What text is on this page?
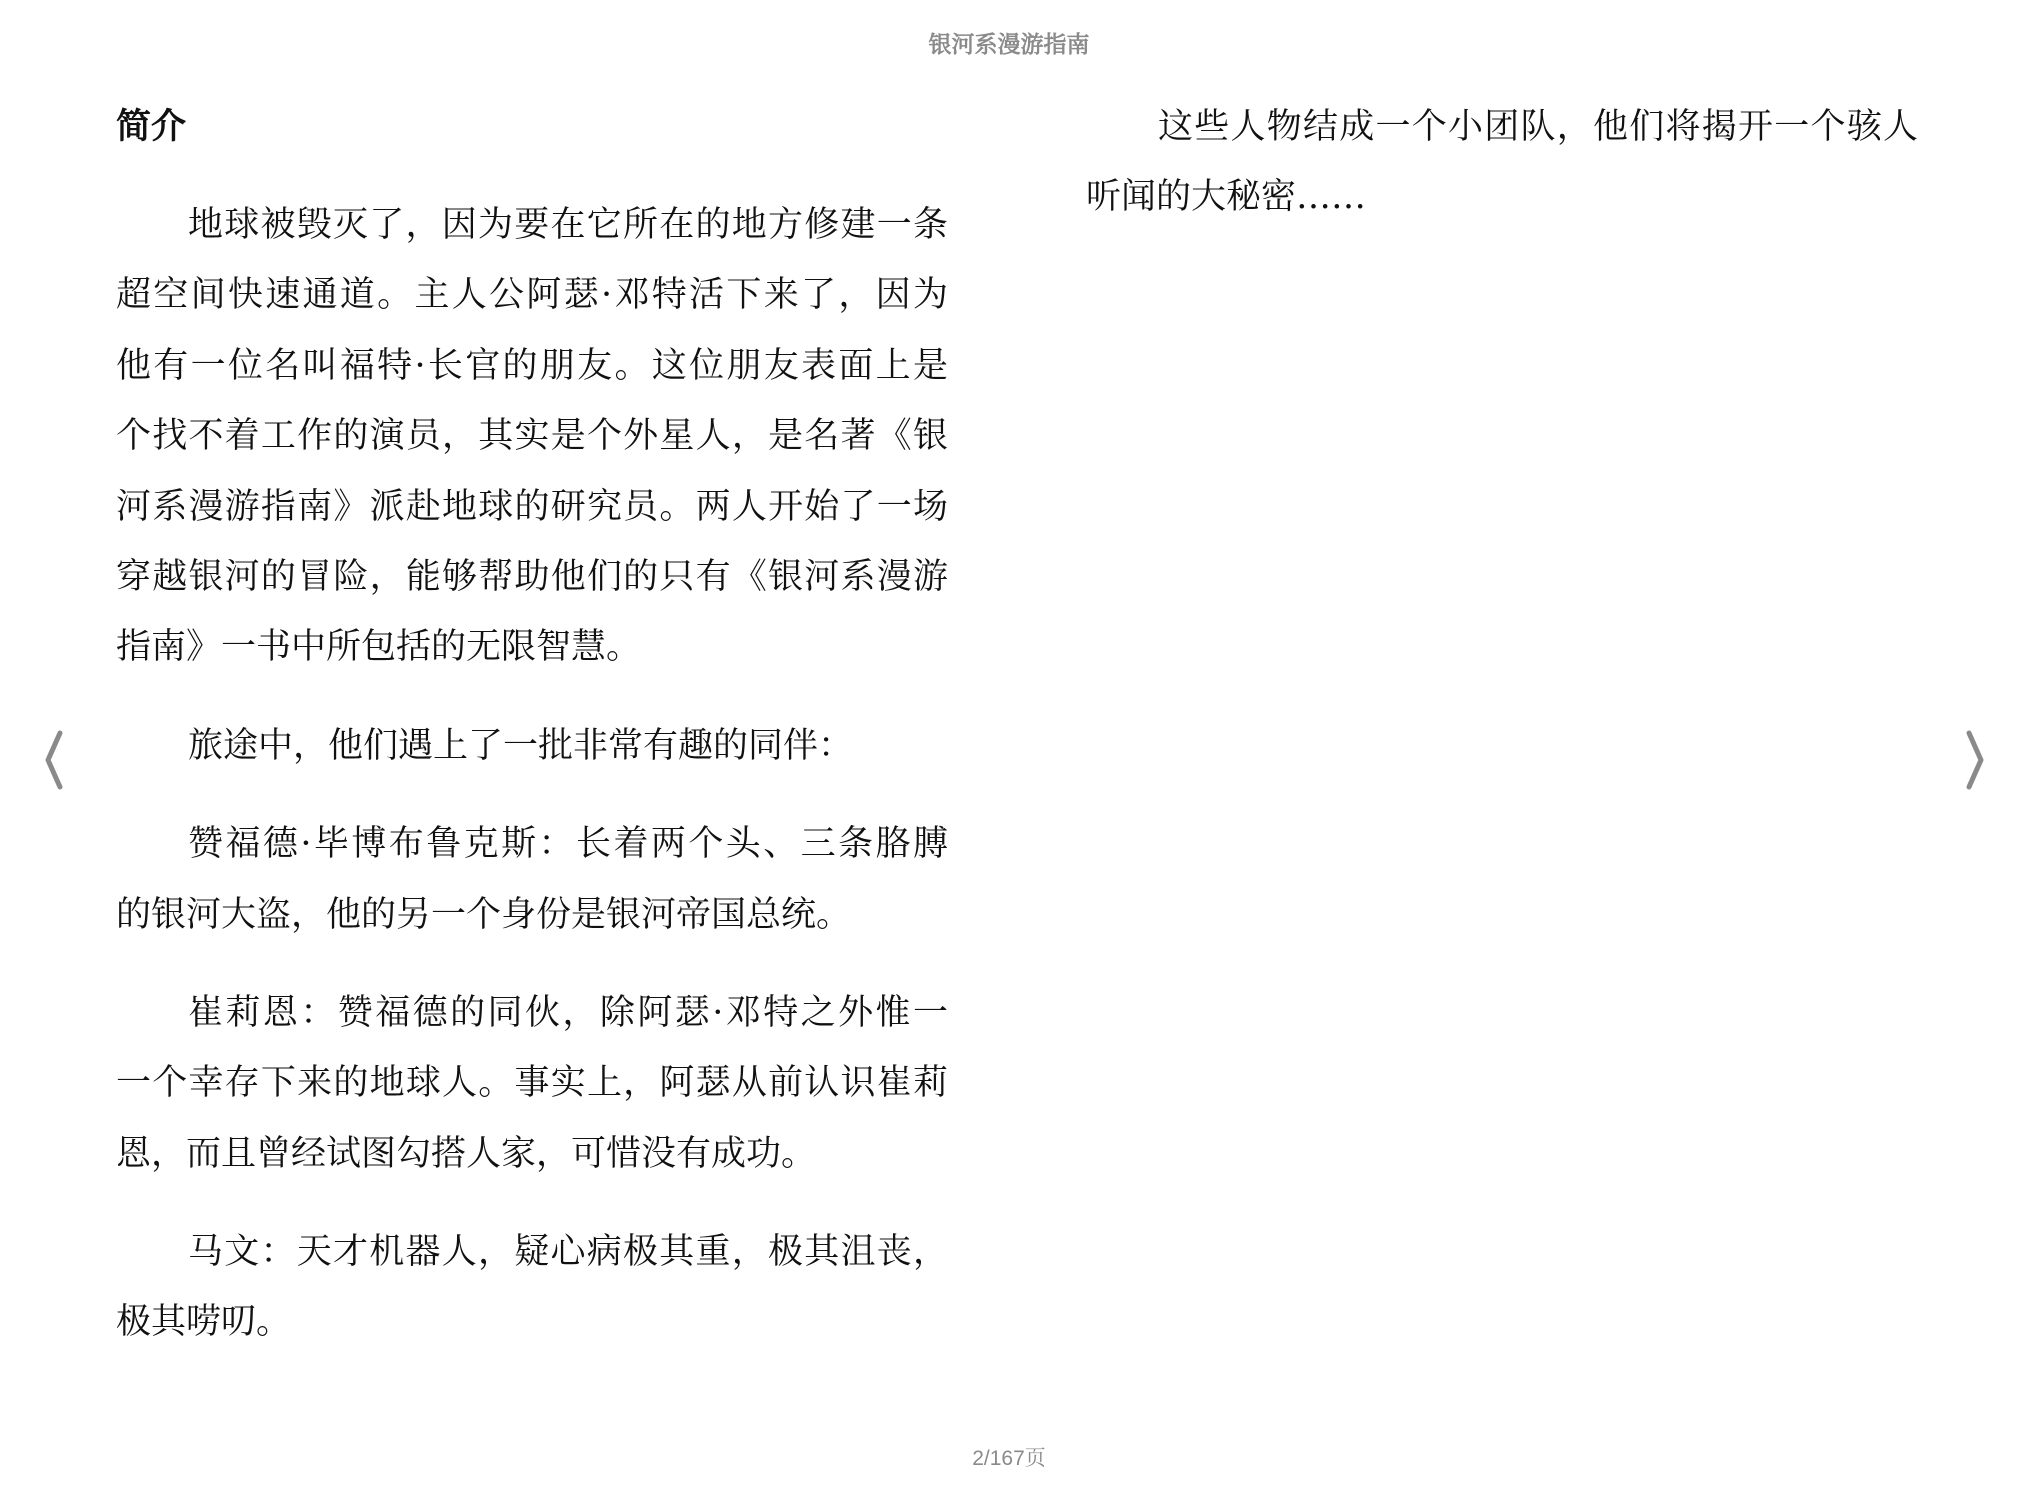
银河系漫游指南
简介
地球被毁灭了，因为要在它所在的地方修建一条
超空间快速通道。主人公阿瑟·邓特活下来了，因为
他有一位名叫福特·长官的朋友。这位朋友表面上是
个找不着工作的演员，其实是个外星人，是名著《银
河系漫游指南》派赴地球的研究员。两人开始了一场
穿越银河的冒险，能够帮助他们的只有《银河系漫游
指南》一书中所包括的无限智慧。
旅途中，他们遇上了一批非常有趣的同伴：
赞福德·毕博布鲁克斯：长着两个头、三条胳膊
的银河大盗，他的另一个身份是银河帝国总统。
崔莉恩：赞福德的同伙，除阿瑟·邓特之外惟一
一个幸存下来的地球人。事实上，阿瑟从前认识崔莉
恩，而且曾经试图勾搭人家，可惜没有成功。
马文：天才机器人，疑心病极其重，极其沮丧，
极其唠叨。
这些人物结成一个小团队，他们将揭开一个骇人
听闻的大秘密……
2/167页
